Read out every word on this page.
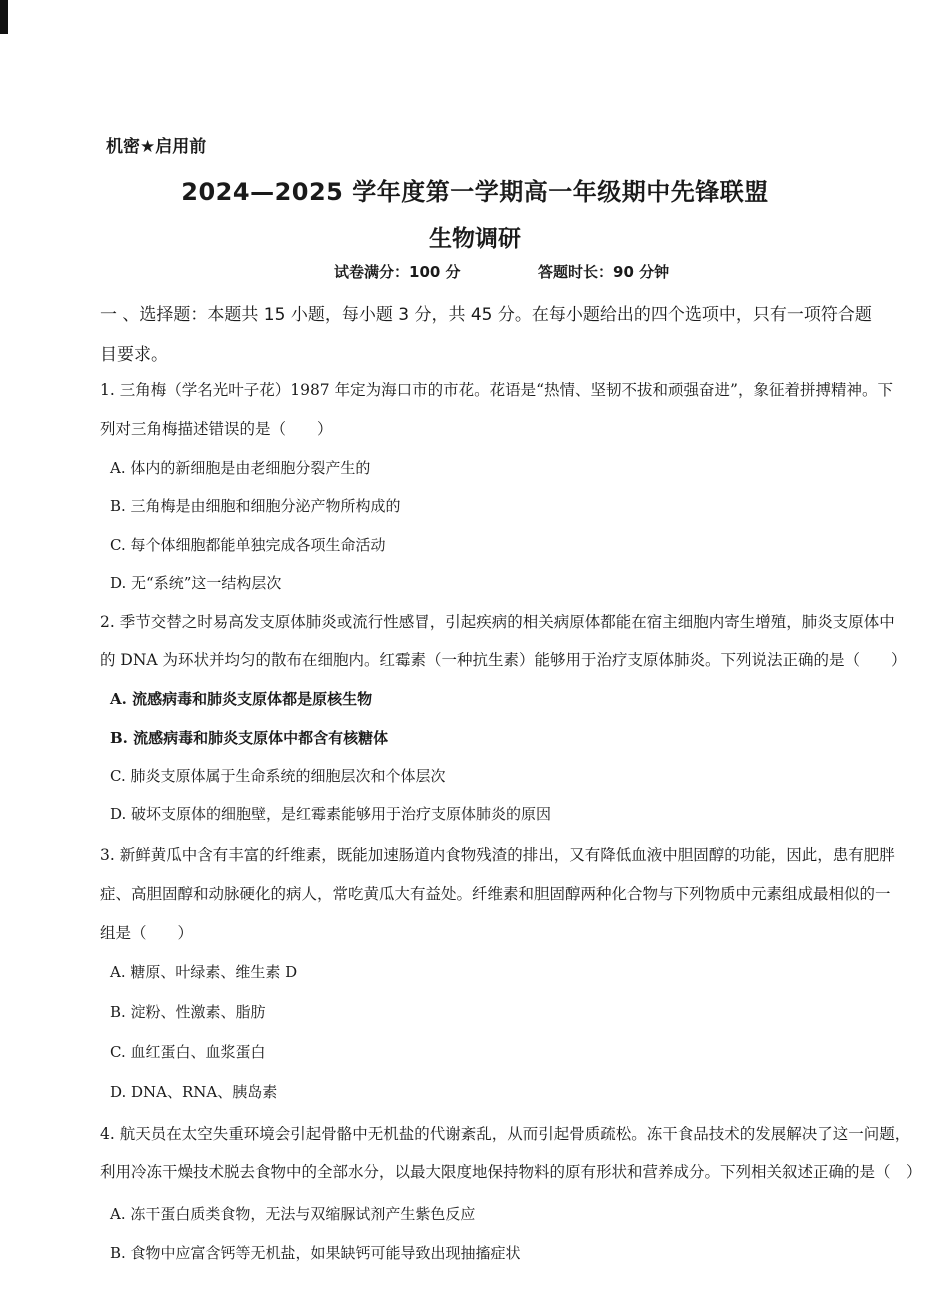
机密★启用前
2024—2025 学年度第一学期高一年级期中先锋联盟
生物调研
试卷满分：100 分	答题时长：90 分钟
一 、选择题：本题共 15 小题，每小题 3 分，共 45 分。在每小题给出的四个选项中，只有一项符合题
目要求。
1. 三角梅（学名光叶子花）1987 年定为海口市的市花。花语是“热情、坚韧不拔和顽强奋进”，象征着拼搏精神。下
列对三角梅描述错误的是（　　）
A. 体内的新细胞是由老细胞分裂产生的
B. 三角梅是由细胞和细胞分泌产物所构成的
C. 每个体细胞都能单独完成各项生命活动
D. 无“系统”这一结构层次
2. 季节交替之时易高发支原体肺炎或流行性感冒，引起疾病的相关病原体都能在宿主细胞内寄生增殖，肺炎支原体中
的 DNA 为环状并均匀的散布在细胞内。红霉素（一种抗生素）能够用于治疗支原体肺炎。下列说法正确的是（　　）
A. 流感病毒和肺炎支原体都是原核生物
B. 流感病毒和肺炎支原体中都含有核糖体
C. 肺炎支原体属于生命系统的细胞层次和个体层次
D. 破坏支原体的细胞壁，是红霉素能够用于治疗支原体肺炎的原因
3. 新鲜黄瓜中含有丰富的纤维素，既能加速肠道内食物残渣的排出，又有降低血液中胆固醇的功能，因此，患有肥胖
症、高胆固醇和动脉硬化的病人，常吃黄瓜大有益处。纤维素和胆固醇两种化合物与下列物质中元素组成最相似的一
组是（　　）
A. 糖原、叶绿素、维生素 D
B. 淀粉、性激素、脂肪
C. 血红蛋白、血浆蛋白
D. DNA、RNA、胰岛素
4. 航天员在太空失重环境会引起骨骼中无机盐的代谢紊乱，从而引起骨质疏松。冻干食品技术的发展解决了这一问题，
利用冷冻干燥技术脱去食物中的全部水分，以最大限度地保持物料的原有形状和营养成分。下列相关叙述正确的是（　）
A. 冻干蛋白质类食物，无法与双缩脲试剂产生紫色反应
B. 食物中应富含钙等无机盐，如果缺钙可能导致出现抽搐症状
